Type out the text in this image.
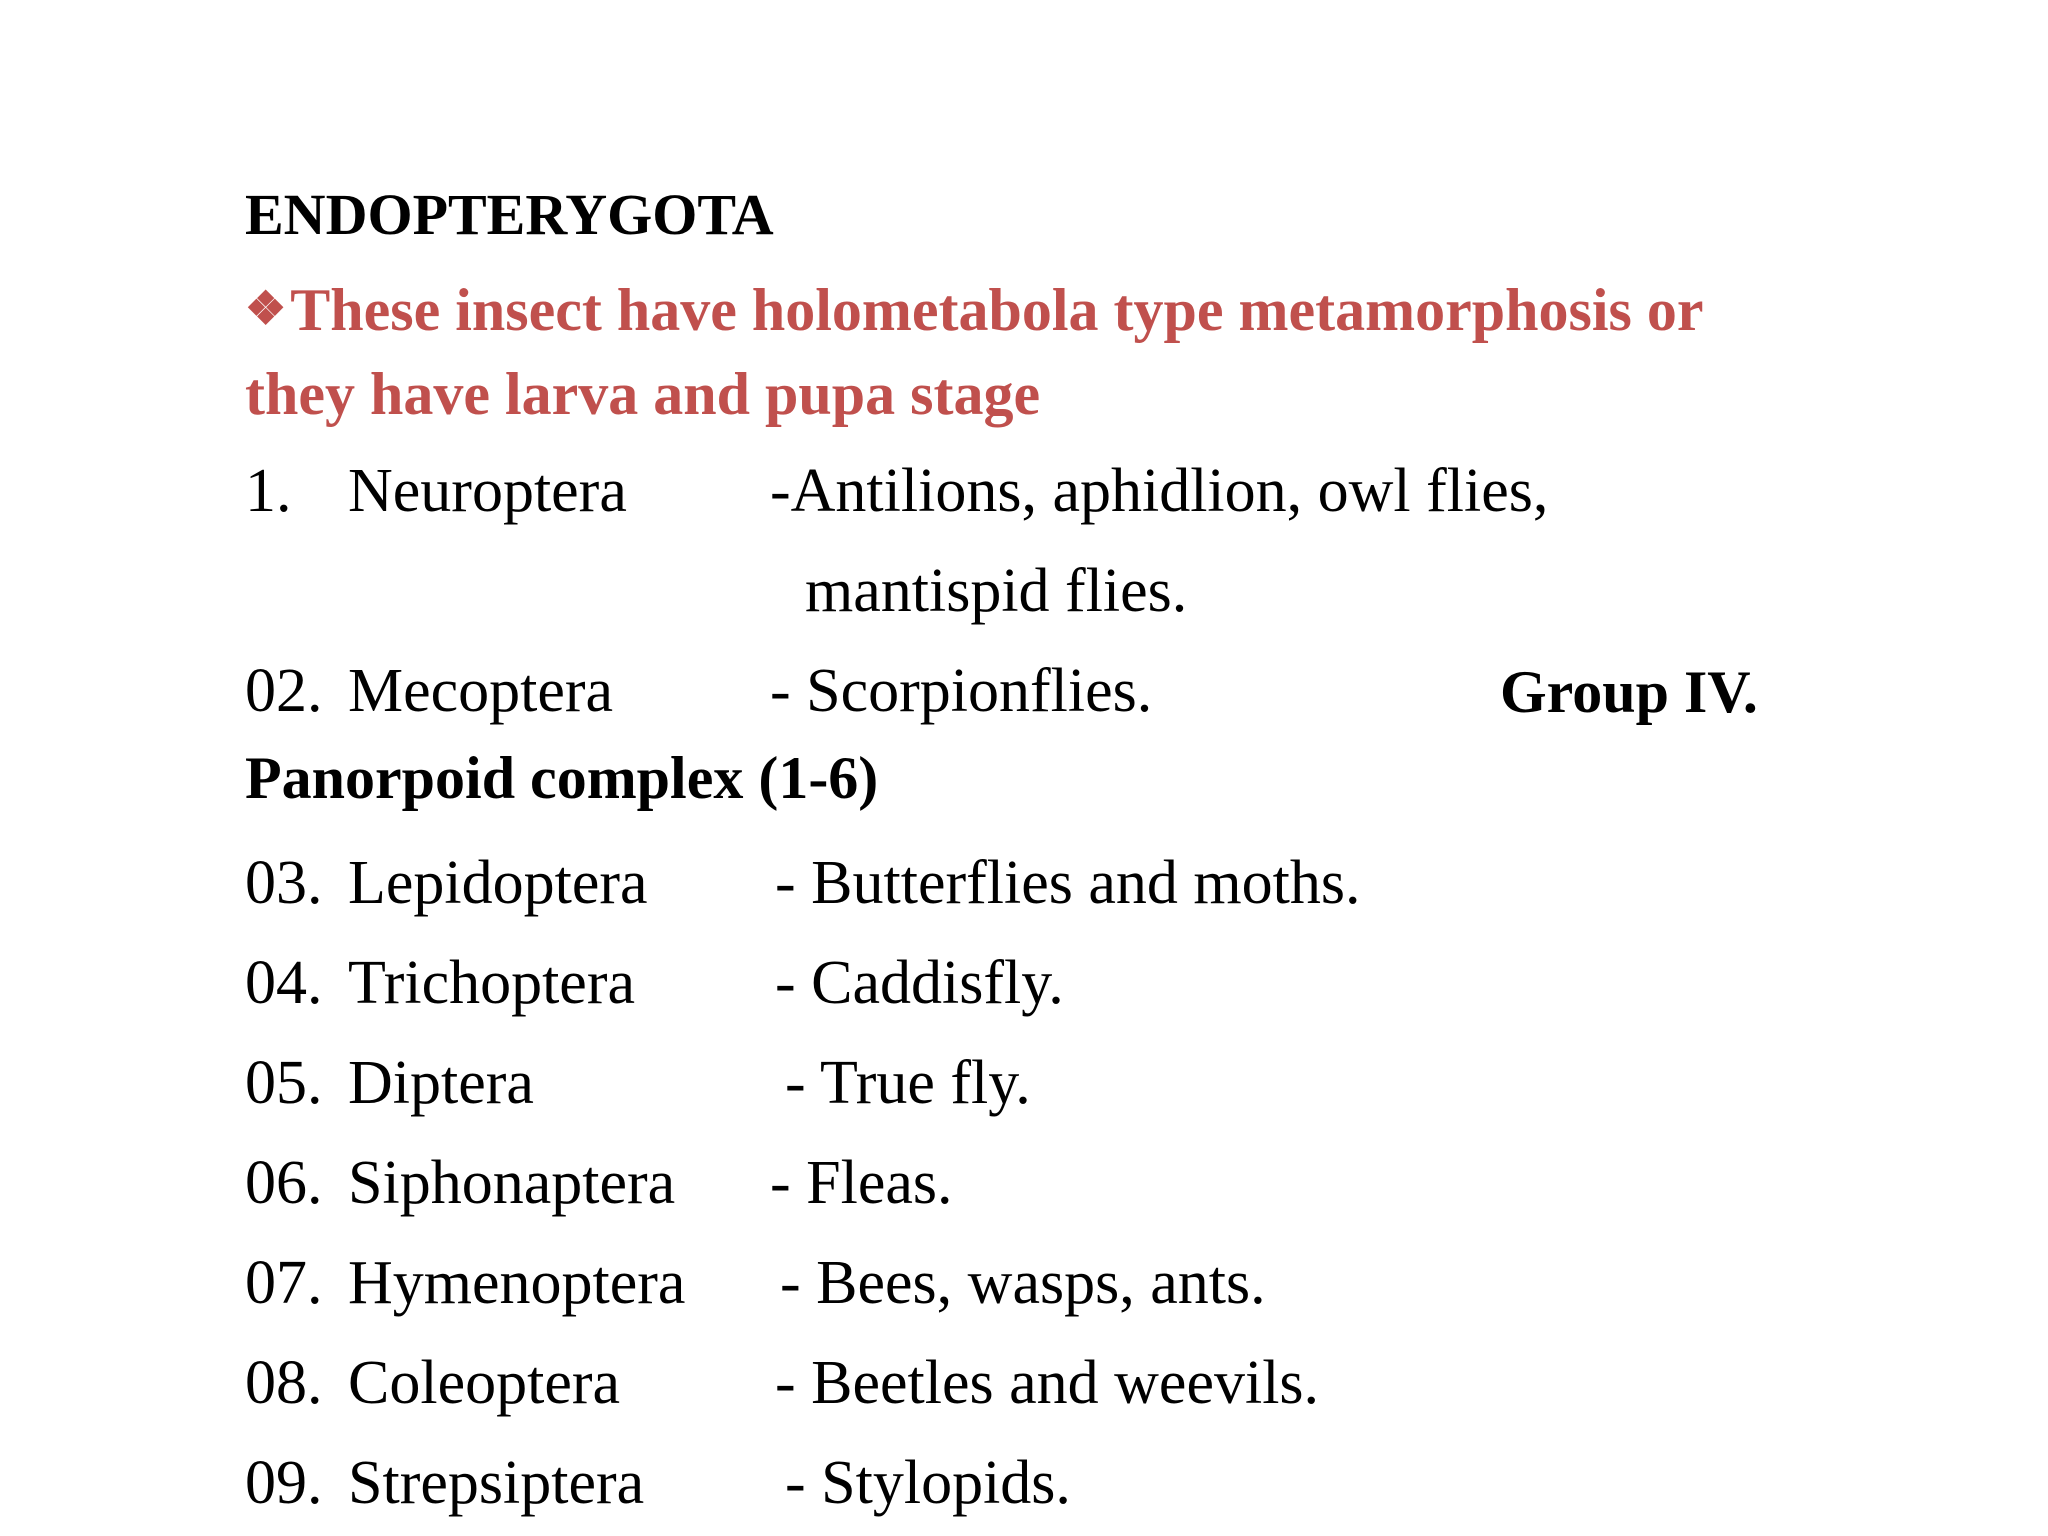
ENDOPTERYGOTA
❖These insect have holometabola type metamorphosis or
they have larva and pupa stage
1. Neuroptera -Antilions, aphidlion, owl flies,
mantispid flies.
02. Mecoptera	- Scorpionflies.	Group IV.
Panorpoid complex (1-6)
03. Lepidoptera - Butterflies and moths.
04. Trichoptera - Caddisfly.
05. Diptera	- True fly.
06. Siphonaptera - Fleas.
07. Hymenoptera - Bees, wasps, ants.
08. Coleoptera - Beetles and weevils.
09. Strepsiptera - Stylopids.
